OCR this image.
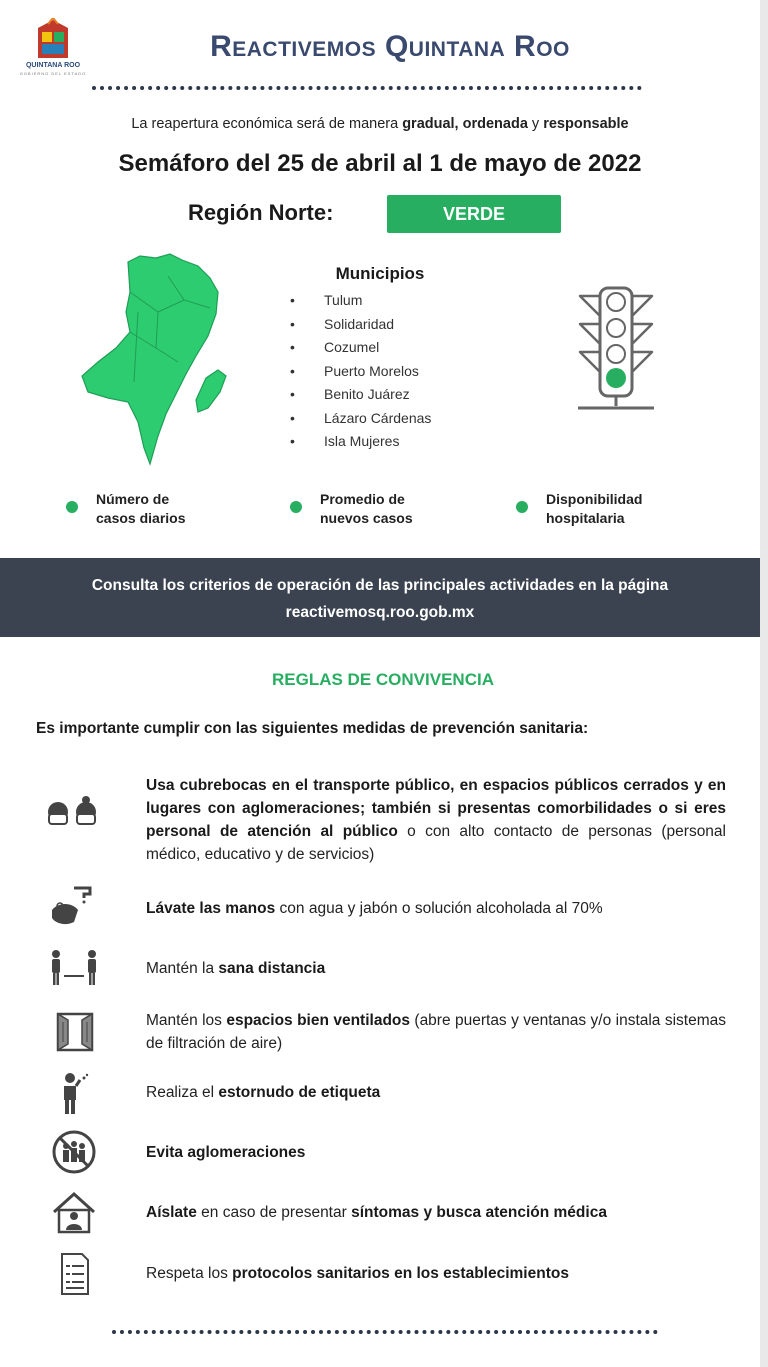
QUINTANA ROO
GOBIERNO DEL ESTADO
Reactivemos Quintana Roo
La reapertura económica será de manera gradual, ordenada y responsable
Semáforo del 25 de abril al 1 de mayo de 2022
Región Norte:	VERDE
Municipios
• Tulum
• Solidaridad
• Cozumel
• Puerto Morelos
• Benito Juárez
• Lázaro Cárdenas
• Isla Mujeres
Número de
casos diarios
Promedio de
nuevos casos
Disponibilidad
hospitalaria
Consulta los criterios de operación de las principales actividades en la página
reactivemosq.roo.gob.mx
REGLAS DE CONVIVENCIA
Es importante cumplir con las siguientes medidas de prevención sanitaria:
Usa cubrebocas en el transporte público, en espacios públicos cerrados y en lugares con aglomeraciones; también si presentas comorbilidades o si eres personal de atención al público o con alto contacto de personas (personal médico, educativo y de servicios)
Lávate las manos con agua y jabón o solución alcoholada al 70%
Mantén la sana distancia
Mantén los espacios bien ventilados (abre puertas y ventanas y/o instala sistemas de filtración de aire)
Realiza el estornudo de etiqueta
Evita aglomeraciones
Aíslate en caso de presentar síntomas y busca atención médica
Respeta los protocolos sanitarios en los establecimientos
